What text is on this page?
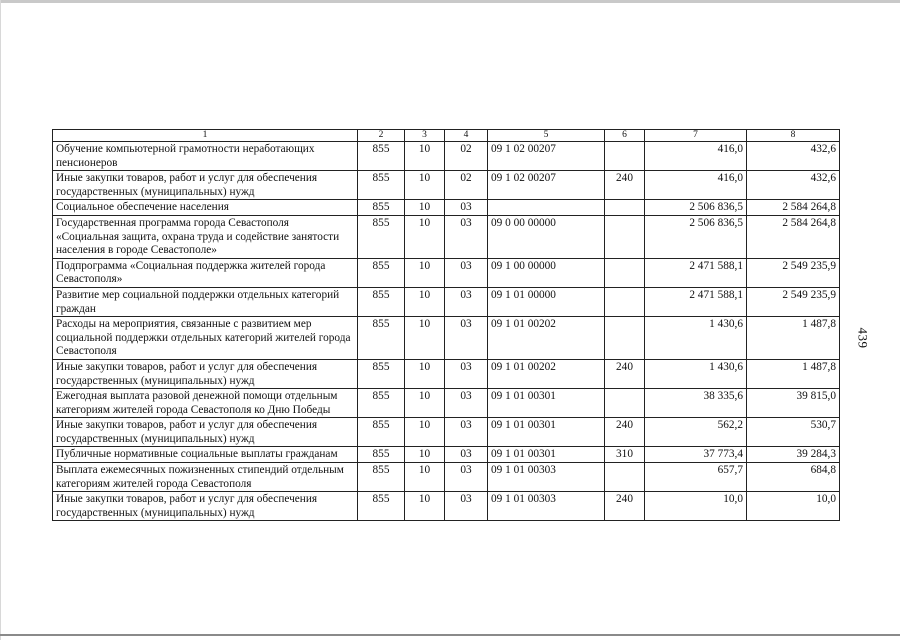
1	2	3	4	5	6	7	8
Обучение компьютерной грамотности неработающих пенсионеров	855	10	02	09 1 02 00207		416,0	432,6
Иные закупки товаров, работ и услуг для обеспечения государственных (муниципальных) нужд	855	10	02	09 1 02 00207	240	416,0	432,6
Социальное обеспечение населения	855	10	03			2 506 836,5	2 584 264,8
Государственная программа города Севастополя «Социальная защита, охрана труда и содействие занятости населения в городе Севастополе»	855	10	03	09 0 00 00000		2 506 836,5	2 584 264,8
Подпрограмма «Социальная поддержка жителей города Севастополя»	855	10	03	09 1 00 00000		2 471 588,1	2 549 235,9
Развитие мер социальной поддержки отдельных категорий граждан	855	10	03	09 1 01 00000		2 471 588,1	2 549 235,9
Расходы на мероприятия, связанные с развитием мер социальной поддержки отдельных категорий жителей города Севастополя	855	10	03	09 1 01 00202		1 430,6	1 487,8
Иные закупки товаров, работ и услуг для обеспечения государственных (муниципальных) нужд	855	10	03	09 1 01 00202	240	1 430,6	1 487,8
Ежегодная выплата разовой денежной помощи отдельным категориям жителей города Севастополя ко Дню Победы	855	10	03	09 1 01 00301		38 335,6	39 815,0
Иные закупки товаров, работ и услуг для обеспечения государственных (муниципальных) нужд	855	10	03	09 1 01 00301	240	562,2	530,7
Публичные нормативные социальные выплаты гражданам	855	10	03	09 1 01 00301	310	37 773,4	39 284,3
Выплата ежемесячных пожизненных стипендий отдельным категориям жителей города Севастополя	855	10	03	09 1 01 00303		657,7	684,8
Иные закупки товаров, работ и услуг для обеспечения государственных (муниципальных) нужд	855	10	03	09 1 01 00303	240	10,0	10,0
439
